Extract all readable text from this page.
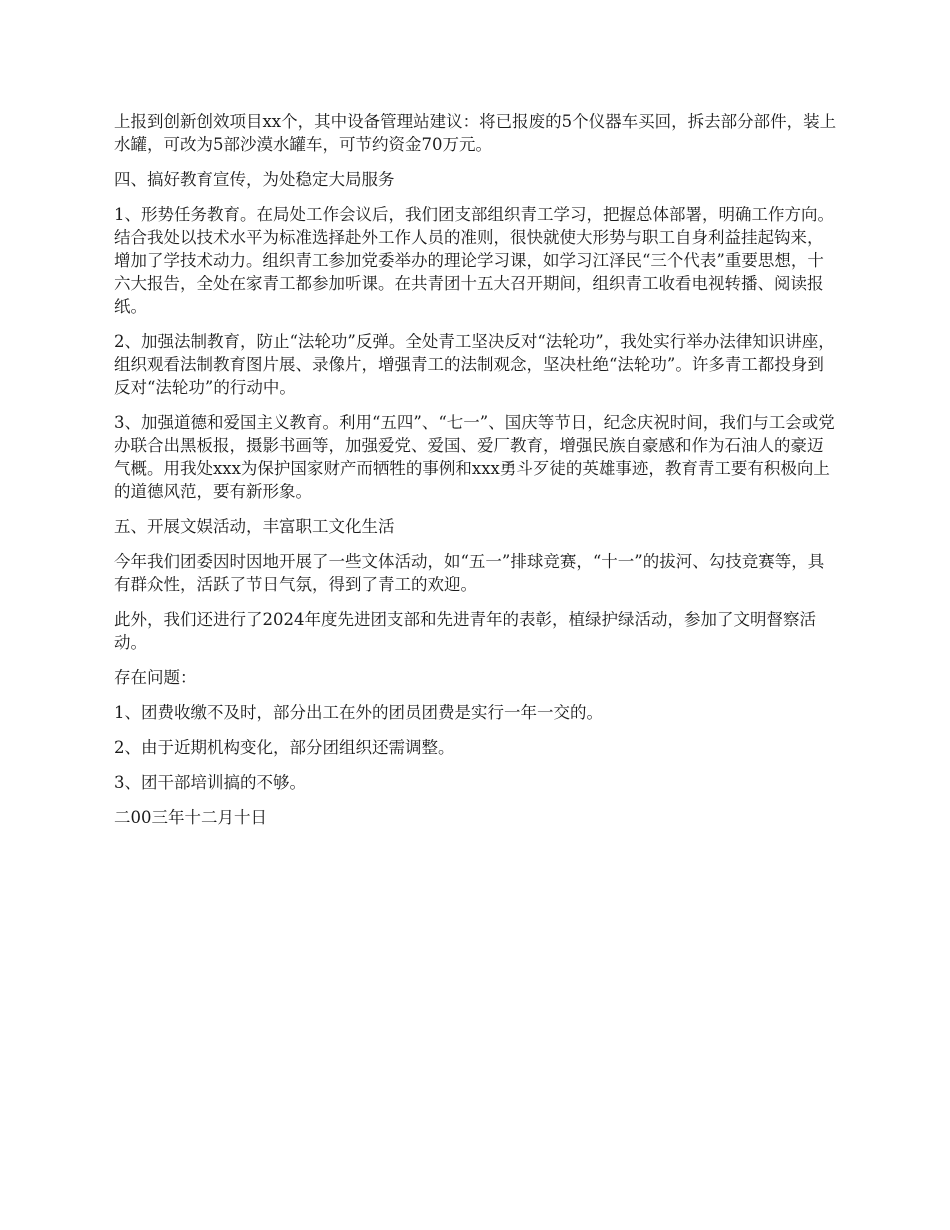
上报到创新创效项目xx个，其中设备管理站建议：将已报废的5个仪器车买回，拆去部分部件，装上水罐，可改为5部沙漠水罐车，可节约资金70万元。

四、搞好教育宣传，为处稳定大局服务

1、形势任务教育。在局处工作会议后，我们团支部组织青工学习，把握总体部署，明确工作方向。结合我处以技术水平为标准选择赴外工作人员的准则，很快就使大形势与职工自身利益挂起钩来，增加了学技术动力。组织青工参加党委举办的理论学习课，如学习江泽民“三个代表”重要思想，十六大报告，全处在家青工都参加听课。在共青团十五大召开期间，组织青工收看电视转播、阅读报纸。

2、加强法制教育，防止“法轮功”反弹。全处青工坚决反对“法轮功”，我处实行举办法律知识讲座，组织观看法制教育图片展、录像片，增强青工的法制观念，坚决杜绝“法轮功”。许多青工都投身到反对“法轮功”的行动中。

3、加强道德和爱国主义教育。利用“五四”、“七一”、国庆等节日，纪念庆祝时间，我们与工会或党办联合出黑板报，摄影书画等，加强爱党、爱国、爱厂教育，增强民族自豪感和作为石油人的豪迈气概。用我处xxx为保护国家财产而牺牲的事例和xxx勇斗歹徒的英雄事迹，教育青工要有积极向上的道德风范，要有新形象。

五、开展文娱活动，丰富职工文化生活

今年我们团委因时因地开展了一些文体活动，如“五一”排球竞赛，“十一”的拔河、勾技竞赛等，具有群众性，活跃了节日气氛，得到了青工的欢迎。

此外，我们还进行了2024年度先进团支部和先进青年的表彰，植绿护绿活动，参加了文明督察活动。

存在问题：

1、团费收缴不及时，部分出工在外的团员团费是实行一年一交的。

2、由于近期机构变化，部分团组织还需调整。

3、团干部培训搞的不够。

二00三年十二月十日
